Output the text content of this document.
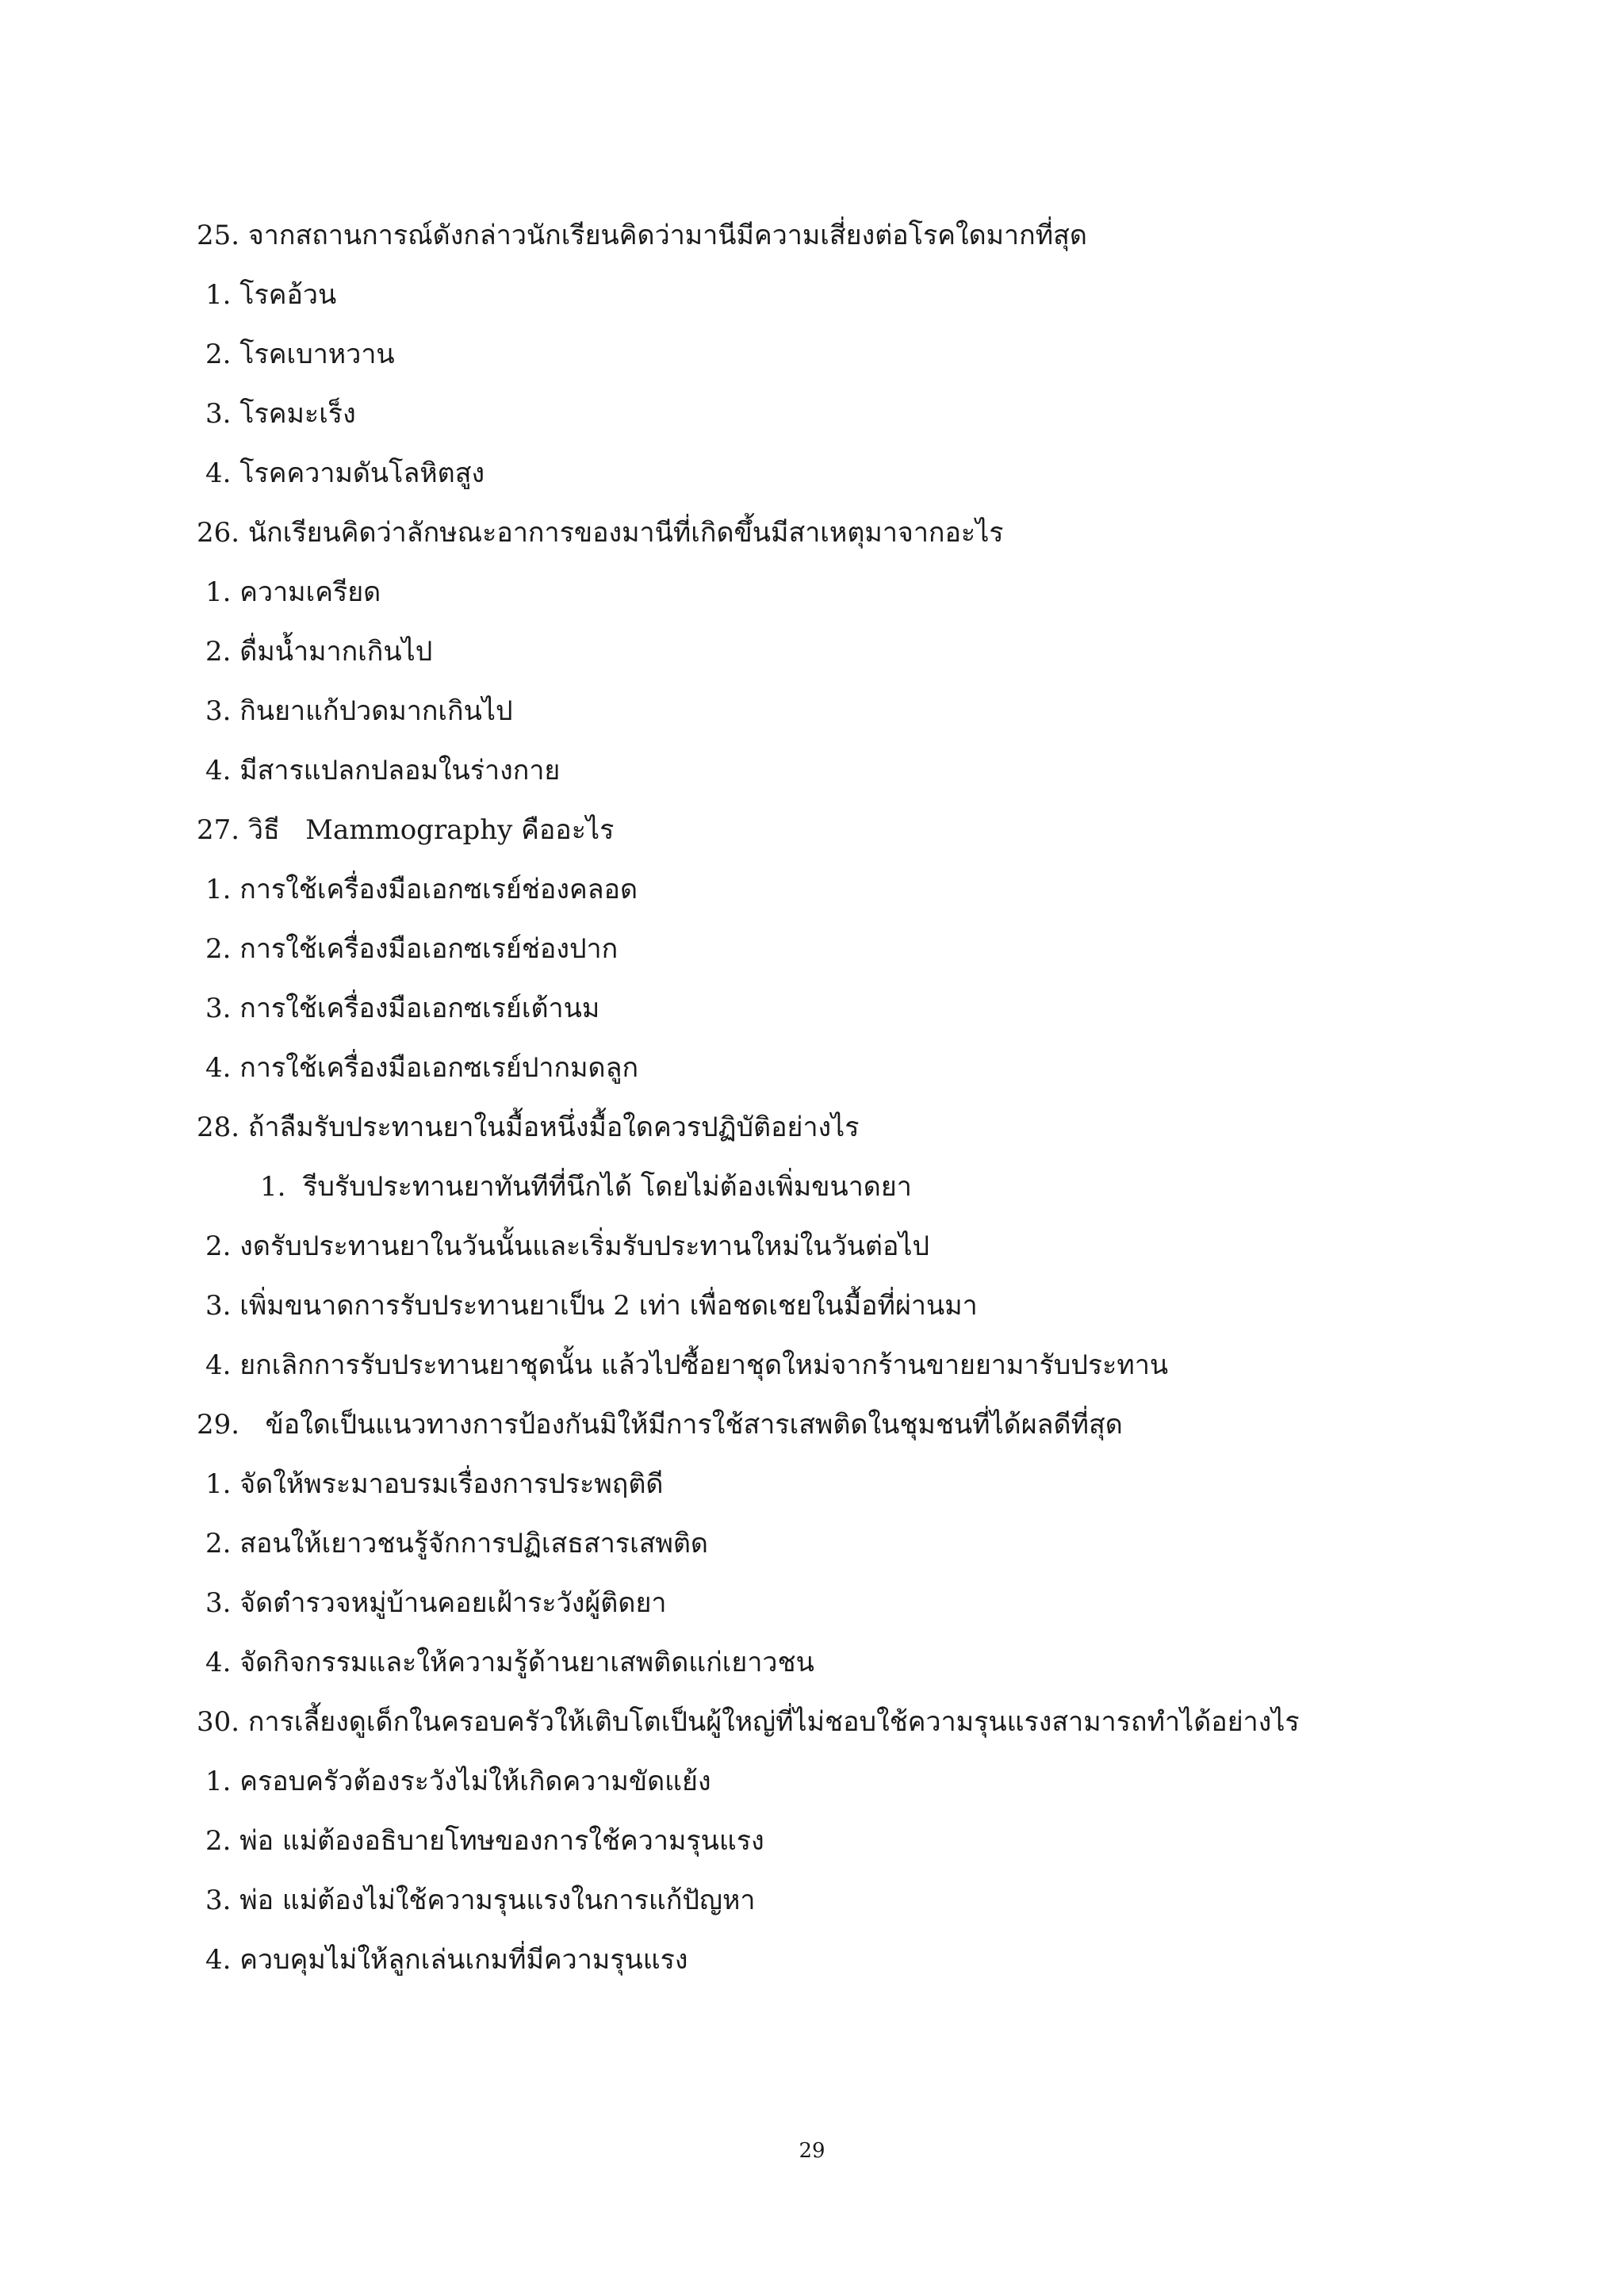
25. จากสถานการณ์ดังกล่าวนักเรียนคิดว่ามานีมีความเสี่ยงต่อโรคใดมากที่สุด
1. โรคอ้วน
2. โรคเบาหวาน
3. โรคมะเร็ง
4. โรคความดันโลหิตสูง
26. นักเรียนคิดว่าลักษณะอาการของมานีที่เกิดขึ้นมีสาเหตุมาจากอะไร
1. ความเครียด
2. ดื่มน้ำมากเกินไป
3. กินยาแก้ปวดมากเกินไป
4. มีสารแปลกปลอมในร่างกาย
27. วิธี   Mammography คืออะไร
1. การใช้เครื่องมือเอกซเรย์ช่องคลอด
2. การใช้เครื่องมือเอกซเรย์ช่องปาก
3. การใช้เครื่องมือเอกซเรย์เต้านม
4. การใช้เครื่องมือเอกซเรย์ปากมดลูก
28. ถ้าลืมรับประทานยาในมื้อหนึ่งมื้อใดควรปฏิบัติอย่างไร
1.  รีบรับประทานยาทันทีที่นึกได้ โดยไม่ต้องเพิ่มขนาดยา
2. งดรับประทานยาในวันนั้นและเริ่มรับประทานใหม่ในวันต่อไป
3. เพิ่มขนาดการรับประทานยาเป็น 2 เท่า เพื่อชดเชยในมื้อที่ผ่านมา
4. ยกเลิกการรับประทานยาชุดนั้น แล้วไปซื้อยาชุดใหม่จากร้านขายยามารับประทาน
29.   ข้อใดเป็นแนวทางการป้องกันมิให้มีการใช้สารเสพติดในชุมชนที่ได้ผลดีที่สุด
1. จัดให้พระมาอบรมเรื่องการประพฤติดี
2. สอนให้เยาวชนรู้จักการปฏิเสธสารเสพติด
3. จัดตำรวจหมู่บ้านคอยเฝ้าระวังผู้ติดยา
4. จัดกิจกรรมและให้ความรู้ด้านยาเสพติดแก่เยาวชน
30. การเลี้ยงดูเด็กในครอบครัวให้เติบโตเป็นผู้ใหญ่ที่ไม่ชอบใช้ความรุนแรงสามารถทำได้อย่างไร
1. ครอบครัวต้องระวังไม่ให้เกิดความขัดแย้ง
2. พ่อ แม่ต้องอธิบายโทษของการใช้ความรุนแรง
3. พ่อ แม่ต้องไม่ใช้ความรุนแรงในการแก้ปัญหา
4. ควบคุมไม่ให้ลูกเล่นเกมที่มีความรุนแรง
29
